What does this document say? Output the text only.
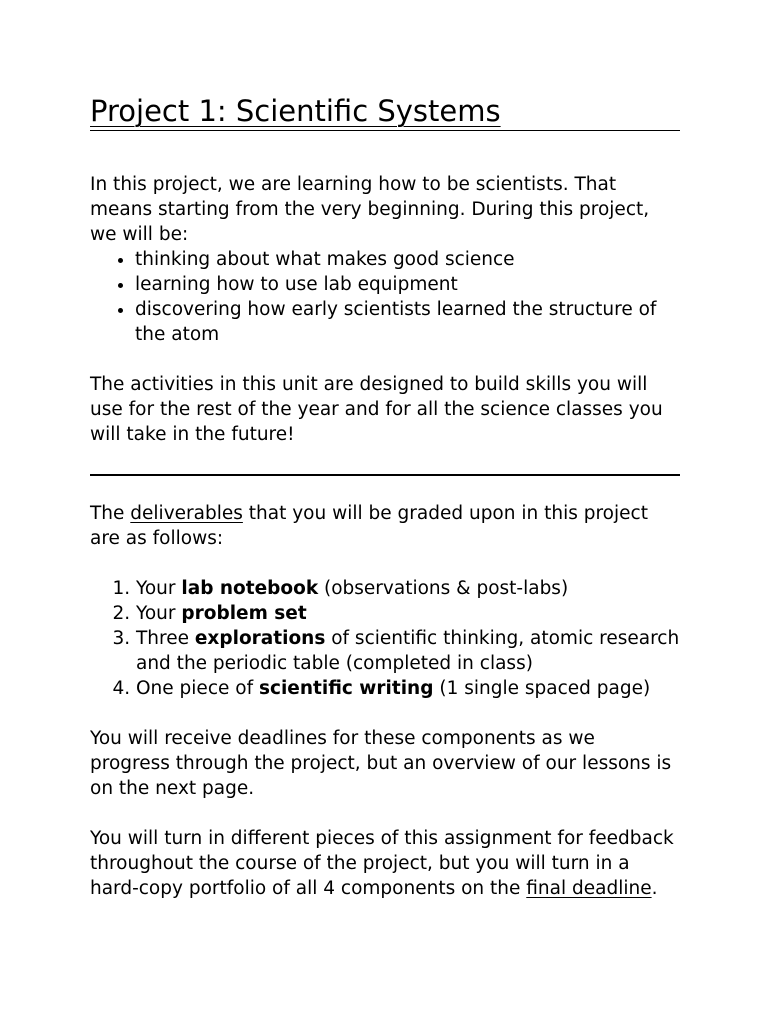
Project 1: Scientific Systems

In this project, we are learning how to be scientists. That means starting from the very beginning. During this project, we will be:

• thinking about what makes good science
• learning how to use lab equipment
• discovering how early scientists learned the structure of the atom

The activities in this unit are designed to build skills you will use for the rest of the year and for all the science classes you will take in the future!

The deliverables that you will be graded upon in this project are as follows:

1. Your lab notebook (observations & post-labs)
2. Your problem set
3. Three explorations of scientific thinking, atomic research and the periodic table (completed in class)
4. One piece of scientific writing (1 single spaced page)

You will receive deadlines for these components as we progress through the project, but an overview of our lessons is on the next page.

You will turn in different pieces of this assignment for feedback throughout the course of the project, but you will turn in a hard-copy portfolio of all 4 components on the final deadline.
